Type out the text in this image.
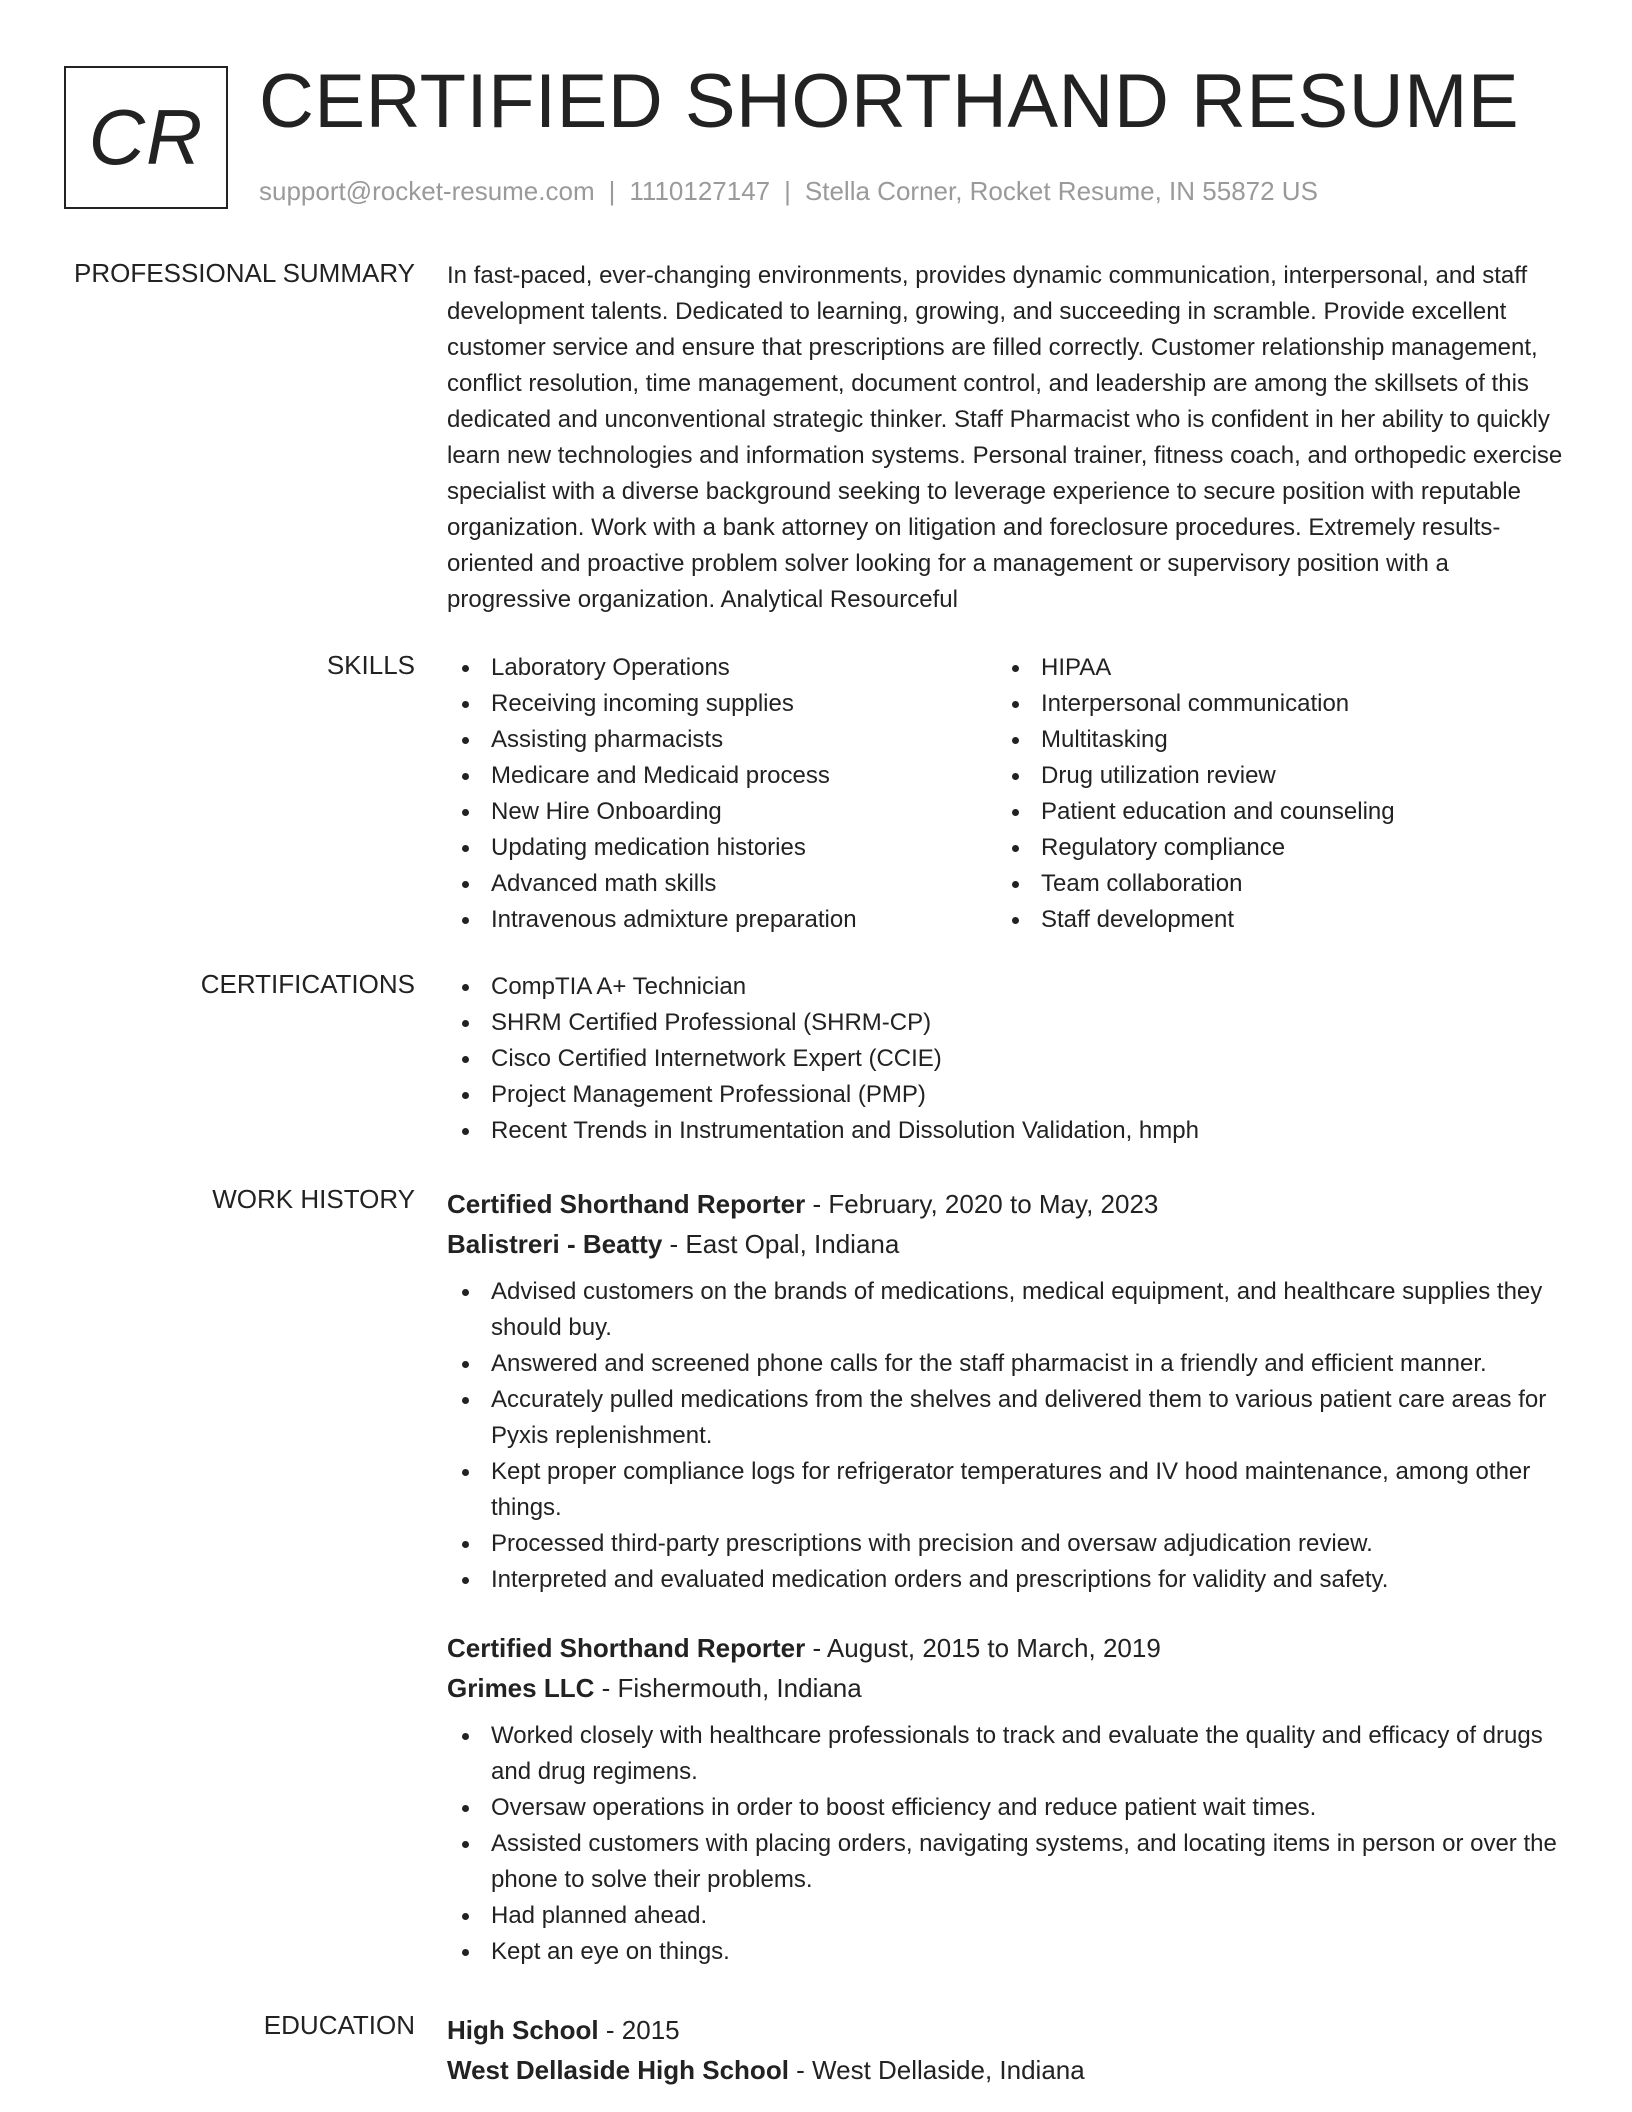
CR CERTIFIED SHORTHAND RESUME
support@rocket-resume.com | 1110127147 | Stella Corner, Rocket Resume, IN 55872 US
PROFESSIONAL SUMMARY In fast-paced, ever-changing environments, provides dynamic communication, interpersonal, and staff development talents. Dedicated to learning, growing, and succeeding in scramble. Provide excellent customer service and ensure that prescriptions are filled correctly. Customer relationship management, conflict resolution, time management, document control, and leadership are among the skillsets of this dedicated and unconventional strategic thinker. Staff Pharmacist who is confident in her ability to quickly learn new technologies and information systems. Personal trainer, fitness coach, and orthopedic exercise specialist with a diverse background seeking to leverage experience to secure position with reputable organization. Work with a bank attorney on litigation and foreclosure procedures. Extremely results-oriented and proactive problem solver looking for a management or supervisory position with a progressive organization. Analytical Resourceful
SKILLS	Laboratory Operations
Receiving incoming supplies
Assisting pharmacists
Medicare and Medicaid process
New Hire Onboarding
Updating medication histories
Advanced math skills
Intravenous admixture preparation
HIPAA
Interpersonal communication
Multitasking
Drug utilization review
Patient education and counseling
Regulatory compliance
Team collaboration
Staff development
CERTIFICATIONS	CompTIA A+ Technician
SHRM Certified Professional (SHRM-CP)
Cisco Certified Internetwork Expert (CCIE)
Project Management Professional (PMP)
Recent Trends in Instrumentation and Dissolution Validation, hmph
WORK HISTORY Certified Shorthand Reporter - February, 2020 to May, 2023
Balistreri - Beatty - East Opal, Indiana
Advised customers on the brands of medications, medical equipment, and healthcare supplies they should buy.
Answered and screened phone calls for the staff pharmacist in a friendly and efficient manner.
Accurately pulled medications from the shelves and delivered them to various patient care areas for Pyxis replenishment.
Kept proper compliance logs for refrigerator temperatures and IV hood maintenance, among other things.
Processed third-party prescriptions with precision and oversaw adjudication review.
Interpreted and evaluated medication orders and prescriptions for validity and safety.
Certified Shorthand Reporter - August, 2015 to March, 2019
Grimes LLC - Fishermouth, Indiana
Worked closely with healthcare professionals to track and evaluate the quality and efficacy of drugs and drug regimens.
Oversaw operations in order to boost efficiency and reduce patient wait times.
Assisted customers with placing orders, navigating systems, and locating items in person or over the phone to solve their problems.
Had planned ahead.
Kept an eye on things.
EDUCATION High School - 2015
West Dellaside High School - West Dellaside, Indiana
